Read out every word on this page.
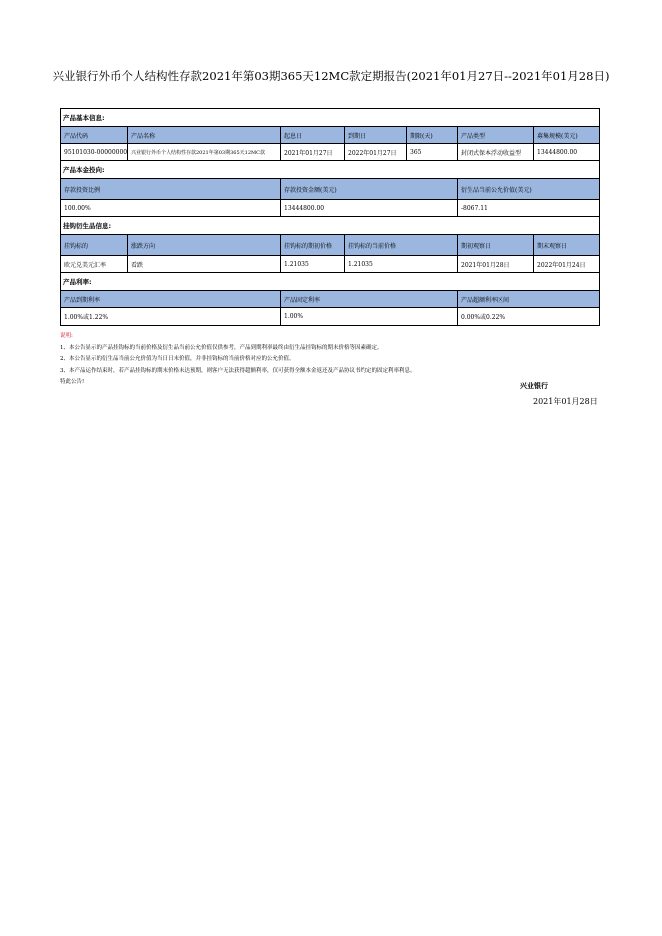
兴业银行外币个人结构性存款2021年第03期365天12MC款定期报告(2021年01月27日--2021年01月28日)
产品基本信息:
产品代码	产品名称	起息日	到期日	期限(天)	产品类型	募集规模(美元)
95101030-00000000 兴业银行外币个人结构性存款2021年第03期365天12MC款	2021年01月27日	2022年01月27日	365	封闭式保本浮动收益型	13444800.00
产品本金投向:
存款投资比例	存款投资金额(美元)	衍生品当前公允价值(美元)
100.00%	13444800.00	-8067.11
挂钩衍生品信息:
挂钩标的	涨跌方向	挂钩标的期初价格	挂钩标的当前价格	期初观察日	期末观察日
欧元兑美元汇率	看跌	1.21035	1.21035	2021年01月28日	2022年01月24日
产品利率:
产品到期利率	产品固定利率	产品超额利率区间
1.00%或1.22%	1.00%	0.00%或0.22%
说明:
1、本公告显示的产品挂钩标的当前价格及衍生品当前公允价值仅供参考，产品到期利率最终由衍生品挂钩标的期末价格等因素确定。
2、本公告显示的衍生品当前公允价值为当日日末价值，并非挂钩标的当前价格对应的公允价值。
3、本产品运作结束时，若产品挂钩标的期末价格未达预期，则客户无法获得超额利率，仅可获得全额本金返还及产品协议书约定的固定利率利息。
特此公告!	兴业银行
2021年01月28日
